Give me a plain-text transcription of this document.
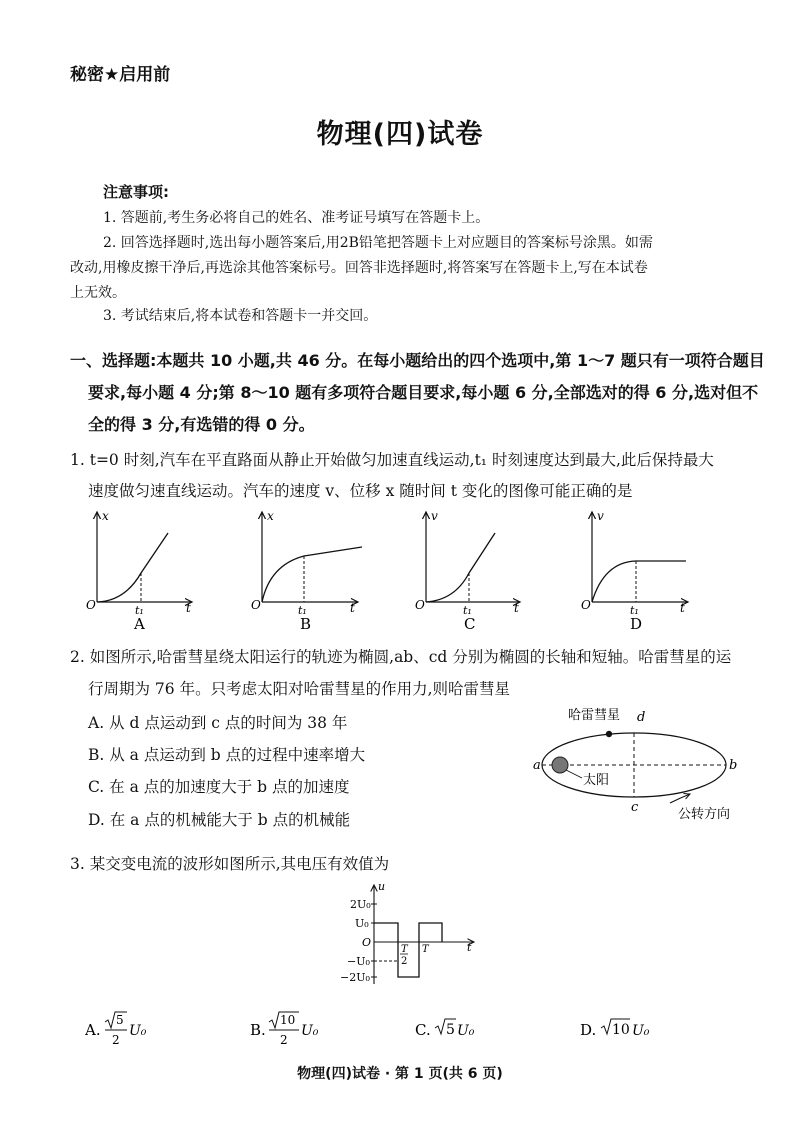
秘密★启用前
物理(四)试卷
注意事项:
1. 答题前,考生务必将自己的姓名、准考证号填写在答题卡上。
2. 回答选择题时,选出每小题答案后,用2B铅笔把答题卡上对应题目的答案标号涂黑。如需
改动,用橡皮擦干净后,再选涂其他答案标号。回答非选择题时,将答案写在答题卡上,写在本试卷
上无效。
3. 考试结束后,将本试卷和答题卡一并交回。
一、选择题:本题共 10 小题,共 46 分。在每小题给出的四个选项中,第 1～7 题只有一项符合题目
要求,每小题 4 分;第 8～10 题有多项符合题目要求,每小题 6 分,全部选对的得 6 分,选对但不
全的得 3 分,有选错的得 0 分。
1. t=0 时刻,汽车在平直路面从静止开始做匀加速直线运动,t₁ 时刻速度达到最大,此后保持最大
速度做匀速直线运动。汽车的速度 v、位移 x 随时间 t 变化的图像可能正确的是
x
t
O	t₁
A
x
t
O	t₁
B
v
t
O	t₁
C
v
t
O	t₁
D
2. 如图所示,哈雷彗星绕太阳运行的轨迹为椭圆,ab、cd 分别为椭圆的长轴和短轴。哈雷彗星的运
行周期为 76 年。只考虑太阳对哈雷彗星的作用力,则哈雷彗星
A. 从 d 点运动到 c 点的时间为 38 年
B. 从 a 点运动到 b 点的过程中速率增大
C. 在 a 点的加速度大于 b 点的加速度
D. 在 a 点的机械能大于 b 点的机械能
太阳
哈雷彗星 d
a	b
c	公转方向
3. 某交变电流的波形如图所示,其电压有效值为
u
t
2U₀
U₀
O
−U₀
−2U₀
T
2
T
A.
5
2
U₀	B.
10
2
U₀	C. 5 U₀	D. 10 U₀
物理(四)试卷 · 第 1 页(共 6 页)
